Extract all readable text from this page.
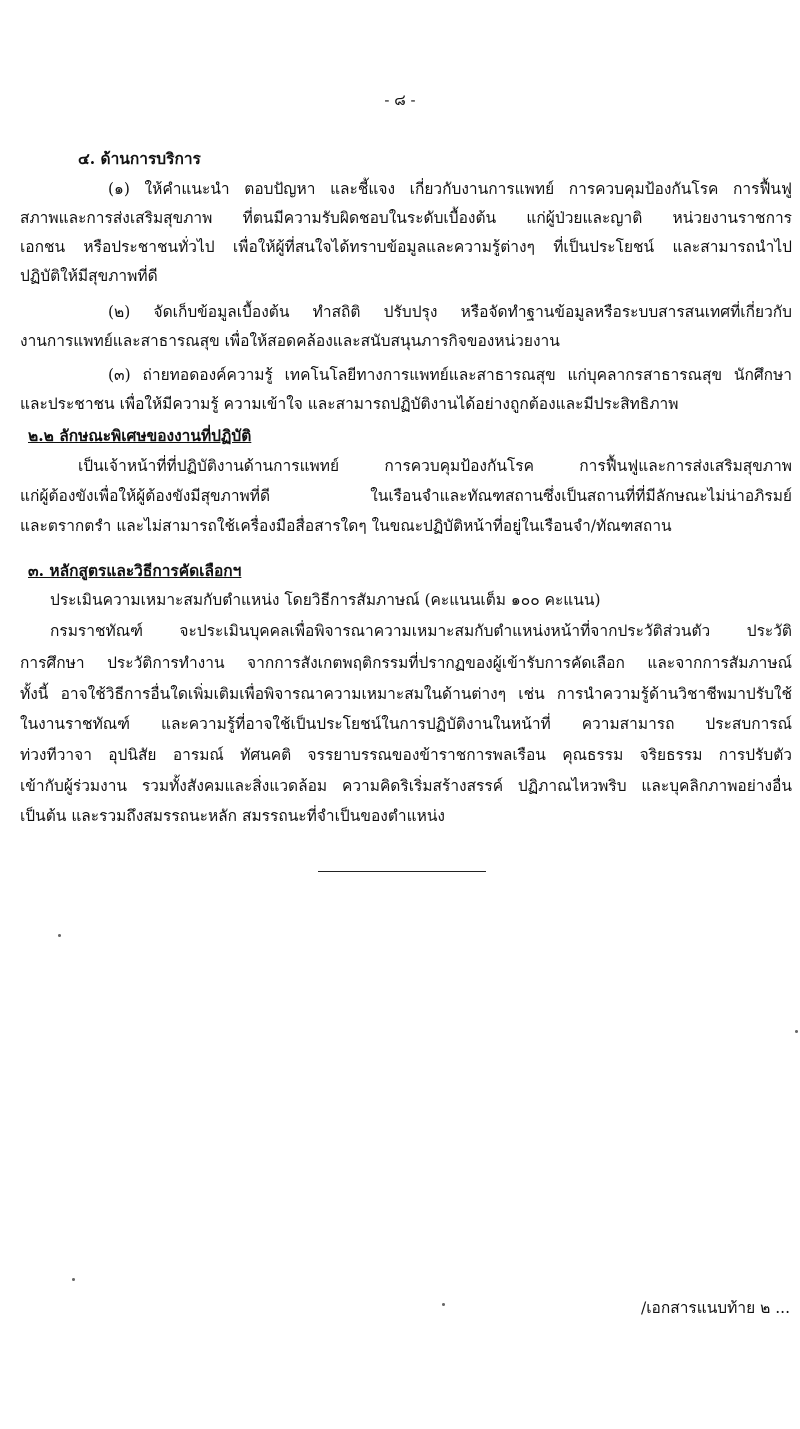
- ๘ -
๔. ด้านการบริการ
(๑) ให้คำแนะนำ ตอบปัญหา และชี้แจง เกี่ยวกับงานการแพทย์ การควบคุมป้องกันโรค การฟื้นฟู
สภาพและการส่งเสริมสุขภาพ ที่ตนมีความรับผิดชอบในระดับเบื้องต้น แก่ผู้ป่วยและญาติ หน่วยงานราชการ
เอกชน หรือประชาชนทั่วไป เพื่อให้ผู้ที่สนใจได้ทราบข้อมูลและความรู้ต่างๆ ที่เป็นประโยชน์ และสามารถนำไป
ปฏิบัติให้มีสุขภาพที่ดี
(๒) จัดเก็บข้อมูลเบื้องต้น ทำสถิติ ปรับปรุง หรือจัดทำฐานข้อมูลหรือระบบสารสนเทศที่เกี่ยวกับ
งานการแพทย์และสาธารณสุข เพื่อให้สอดคล้องและสนับสนุนภารกิจของหน่วยงาน
(๓) ถ่ายทอดองค์ความรู้ เทคโนโลยีทางการแพทย์และสาธารณสุข แก่บุคลากรสาธารณสุข นักศึกษา
และประชาชน เพื่อให้มีความรู้ ความเข้าใจ และสามารถปฏิบัติงานได้อย่างถูกต้องและมีประสิทธิภาพ
๒.๒ ลักษณะพิเศษของงานที่ปฏิบัติ
เป็นเจ้าหน้าที่ที่ปฏิบัติงานด้านการแพทย์ การควบคุมป้องกันโรค การฟื้นฟูและการส่งเสริมสุขภาพ
แก่ผู้ต้องขังเพื่อให้ผู้ต้องขังมีสุขภาพที่ดี ในเรือนจำและทัณฑสถานซึ่งเป็นสถานที่ที่มีลักษณะไม่น่าอภิรมย์
และตรากตรำ และไม่สามารถใช้เครื่องมือสื่อสารใดๆ ในขณะปฏิบัติหน้าที่อยู่ในเรือนจำ/ทัณฑสถาน
๓. หลักสูตรและวิธีการคัดเลือกฯ
ประเมินความเหมาะสมกับตำแหน่ง โดยวิธีการสัมภาษณ์ (คะแนนเต็ม ๑๐๐ คะแนน)
กรมราชทัณฑ์ จะประเมินบุคคลเพื่อพิจารณาความเหมาะสมกับตำแหน่งหน้าที่จากประวัติส่วนตัว ประวัติ
การศึกษา ประวัติการทำงาน จากการสังเกตพฤติกรรมที่ปรากฏของผู้เข้ารับการคัดเลือก และจากการสัมภาษณ์
ทั้งนี้ อาจใช้วิธีการอื่นใดเพิ่มเติมเพื่อพิจารณาความเหมาะสมในด้านต่างๆ เช่น การนำความรู้ด้านวิชาชีพมาปรับใช้
ในงานราชทัณฑ์ และความรู้ที่อาจใช้เป็นประโยชน์ในการปฏิบัติงานในหน้าที่ ความสามารถ ประสบการณ์
ท่วงทีวาจา อุปนิสัย อารมณ์ ทัศนคติ จรรยาบรรณของข้าราชการพลเรือน คุณธรรม จริยธรรม การปรับตัว
เข้ากับผู้ร่วมงาน รวมทั้งสังคมและสิ่งแวดล้อม ความคิดริเริ่มสร้างสรรค์ ปฏิภาณไหวพริบ และบุคลิกภาพอย่างอื่น
เป็นต้น และรวมถึงสมรรถนะหลัก สมรรถนะที่จำเป็นของตำแหน่ง
/เอกสารแนบท้าย ๒ ...
